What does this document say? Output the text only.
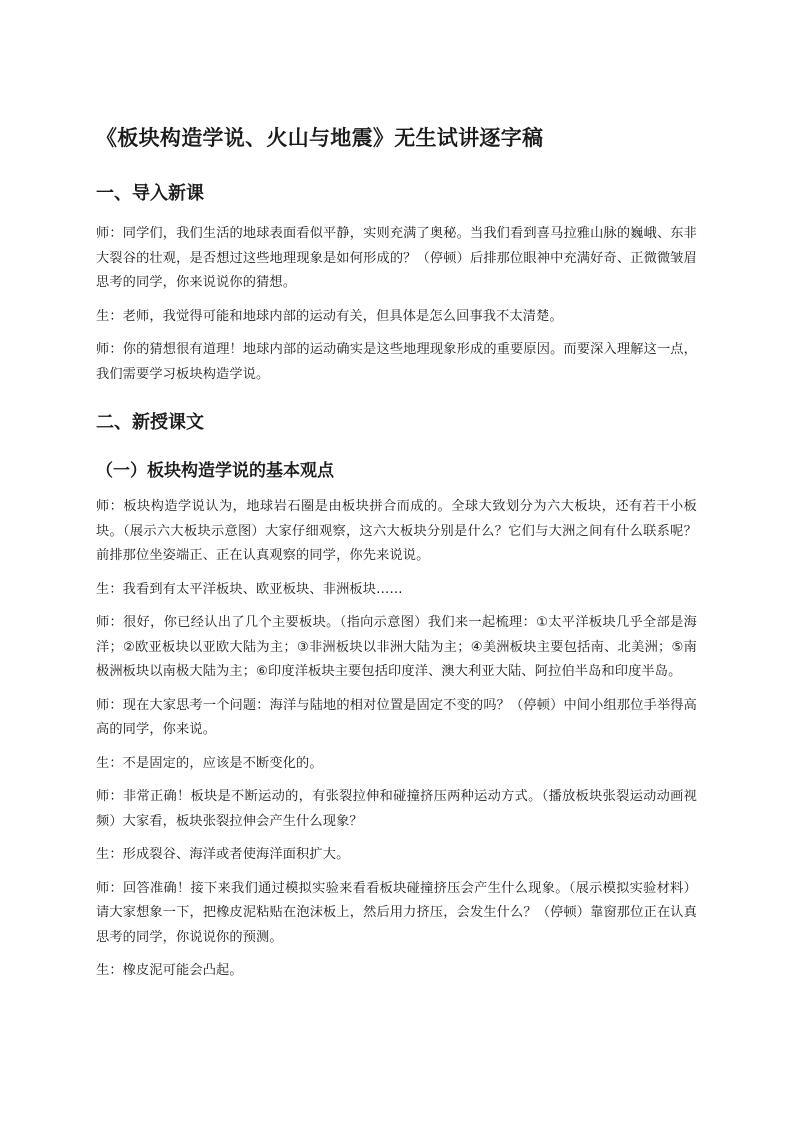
《板块构造学说、火山与地震》无生试讲逐字稿
一、导入新课

师：同学们，我们生活的地球表面看似平静，实则充满了奥秘。当我们看到喜马拉雅山脉的巍峨、东非大裂谷的壮观，是否想过这些地理现象是如何形成的？（停顿）后排那位眼神中充满好奇、正微微皱眉思考的同学，你来说说你的猜想。

生：老师，我觉得可能和地球内部的运动有关，但具体是怎么回事我不太清楚。

师：你的猜想很有道理！地球内部的运动确实是这些地理现象形成的重要原因。而要深入理解这一点，我们需要学习板块构造学说。

二、新授课文
（一）板块构造学说的基本观点

师：板块构造学说认为，地球岩石圈是由板块拼合而成的。全球大致划分为六大板块，还有若干小板块。（展示六大板块示意图）大家仔细观察，这六大板块分别是什么？它们与大洲之间有什么联系呢？前排那位坐姿端正、正在认真观察的同学，你先来说说。

生：我看到有太平洋板块、欧亚板块、非洲板块……

师：很好，你已经认出了几个主要板块。（指向示意图）我们来一起梳理：①太平洋板块几乎全部是海洋；②欧亚板块以亚欧大陆为主；③非洲板块以非洲大陆为主；④美洲板块主要包括南、北美洲；⑤南极洲板块以南极大陆为主；⑥印度洋板块主要包括印度洋、澳大利亚大陆、阿拉伯半岛和印度半岛。

师：现在大家思考一个问题：海洋与陆地的相对位置是固定不变的吗？（停顿）中间小组那位手举得高高的同学，你来说。

生：不是固定的，应该是不断变化的。

师：非常正确！板块是不断运动的，有张裂拉伸和碰撞挤压两种运动方式。（播放板块张裂运动动画视频）大家看，板块张裂拉伸会产生什么现象？

生：形成裂谷、海洋或者使海洋面积扩大。

师：回答准确！接下来我们通过模拟实验来看看板块碰撞挤压会产生什么现象。（展示模拟实验材料）请大家想象一下，把橡皮泥粘贴在泡沫板上，然后用力挤压，会发生什么？（停顿）靠窗那位正在认真思考的同学，你说说你的预测。

生：橡皮泥可能会凸起。
